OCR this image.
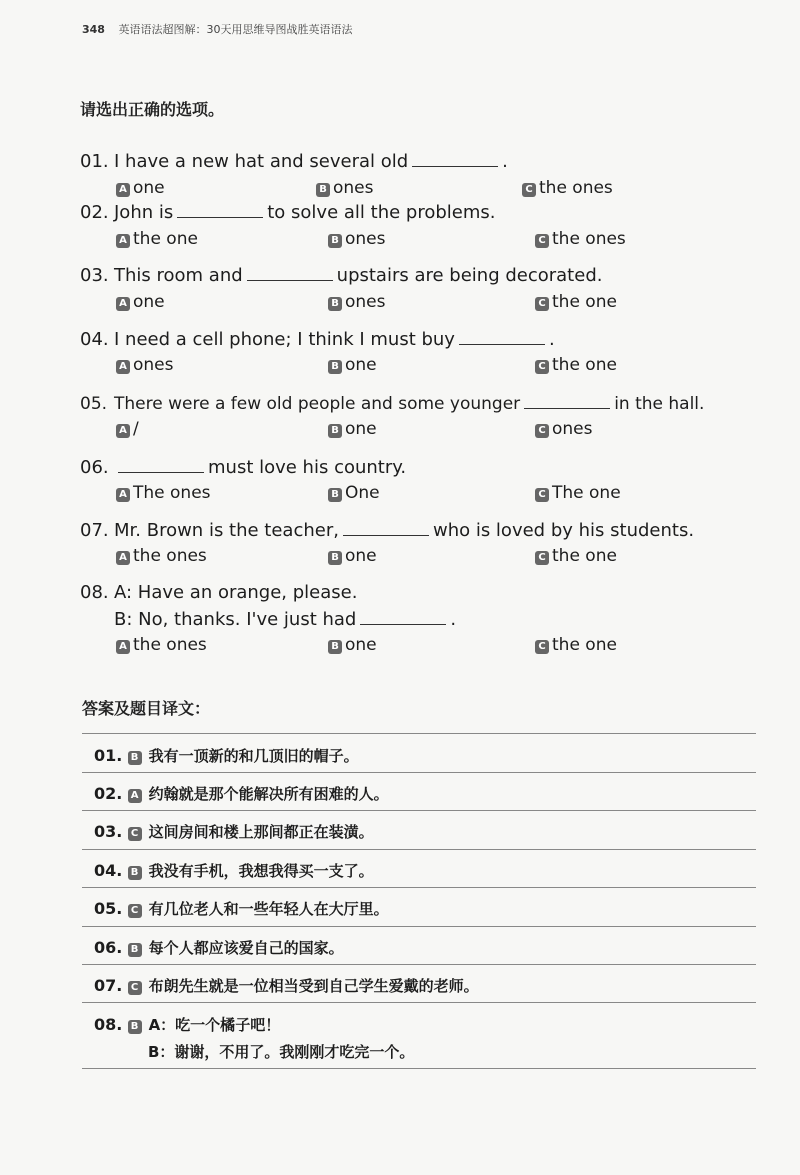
348 英语语法超图解：30天用思维导图战胜英语语法
请选出正确的选项。
01. I have a new hat and several old	.
A one	B ones	C the ones
02. John is	to solve all the problems.
A the one	B ones	C the ones
03. This room and	upstairs are being decorated.
A one	B ones	C the one
04. I need a cell phone; I think I must buy	.
A ones	B one	C the one
05. There were a few old people and some younger	in the hall.
A /	B one	C ones
06.	must love his country.
A The ones	B One	C The one
07. Mr. Brown is the teacher,	who is loved by his students.
A the ones	B one	C the one
08. A: Have an orange, please.
B: No, thanks. I've just had	.
A the ones	B one	C the one
答案及题目译文：
01. B 我有一顶新的和几顶旧的帽子。
02. A 约翰就是那个能解决所有困难的人。
03. C 这间房间和楼上那间都正在装潢。
04. B 我没有手机，我想我得买一支了。
05. C 有几位老人和一些年轻人在大厅里。
06. B 每个人都应该爱自己的国家。
07. C 布朗先生就是一位相当受到自己学生爱戴的老师。
08. B A：吃一个橘子吧！
B：谢谢，不用了。我刚刚才吃完一个。
